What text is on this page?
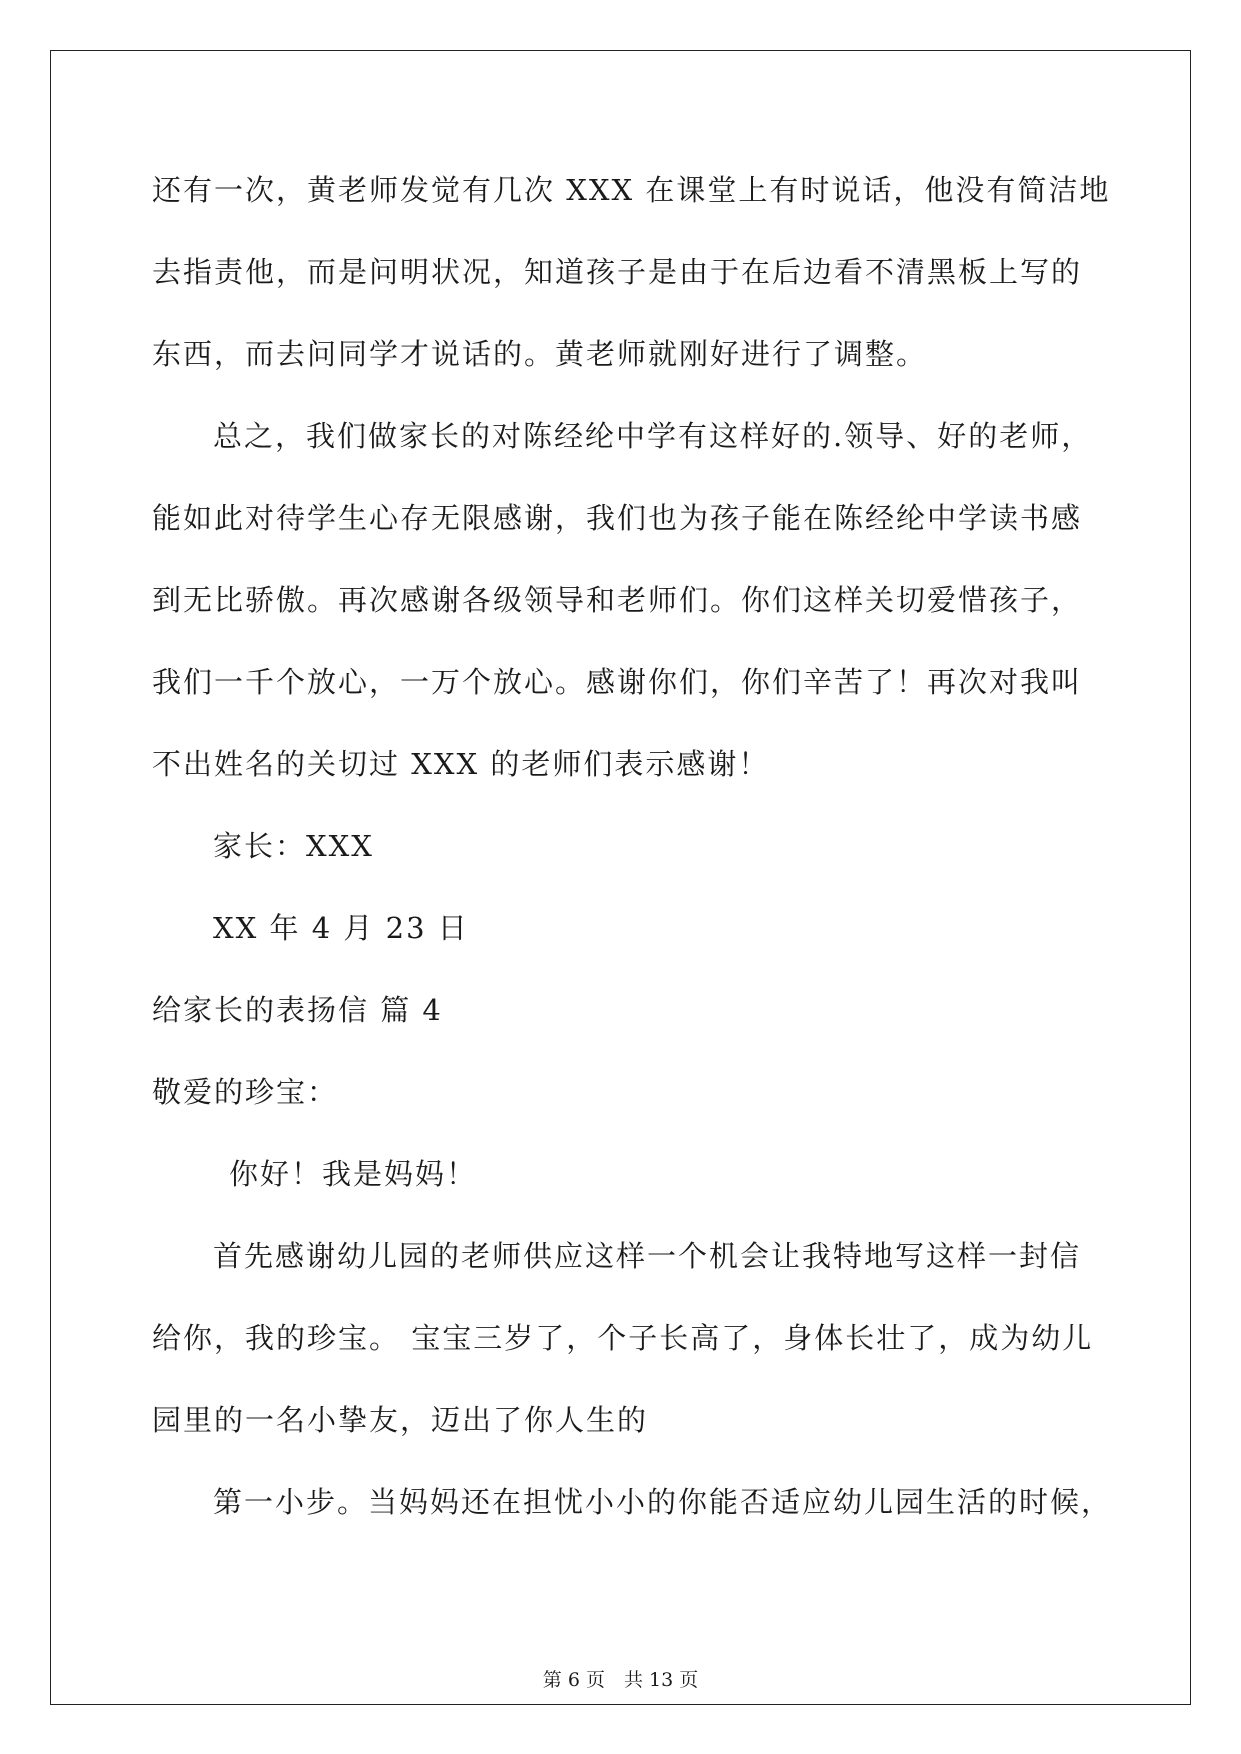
还有一次，黄老师发觉有几次 XXX 在课堂上有时说话，他没有简洁地
去指责他，而是问明状况，知道孩子是由于在后边看不清黑板上写的
东西，而去问同学才说话的。黄老师就刚好进行了调整。
总之，我们做家长的对陈经纶中学有这样好的.领导、好的老师，
能如此对待学生心存无限感谢，我们也为孩子能在陈经纶中学读书感
到无比骄傲。再次感谢各级领导和老师们。你们这样关切爱惜孩子，
我们一千个放心，一万个放心。感谢你们，你们辛苦了！再次对我叫
不出姓名的关切过 XXX 的老师们表示感谢！
家长：XXX
XX 年 4 月 23 日
给家长的表扬信 篇 4
敬爱的珍宝：
你好！我是妈妈！
首先感谢幼儿园的老师供应这样一个机会让我特地写这样一封信
给你，我的珍宝。 宝宝三岁了，个子长高了，身体长壮了，成为幼儿
园里的一名小挚友，迈出了你人生的
第一小步。当妈妈还在担忧小小的你能否适应幼儿园生活的时候，
第 6 页　共 13 页
